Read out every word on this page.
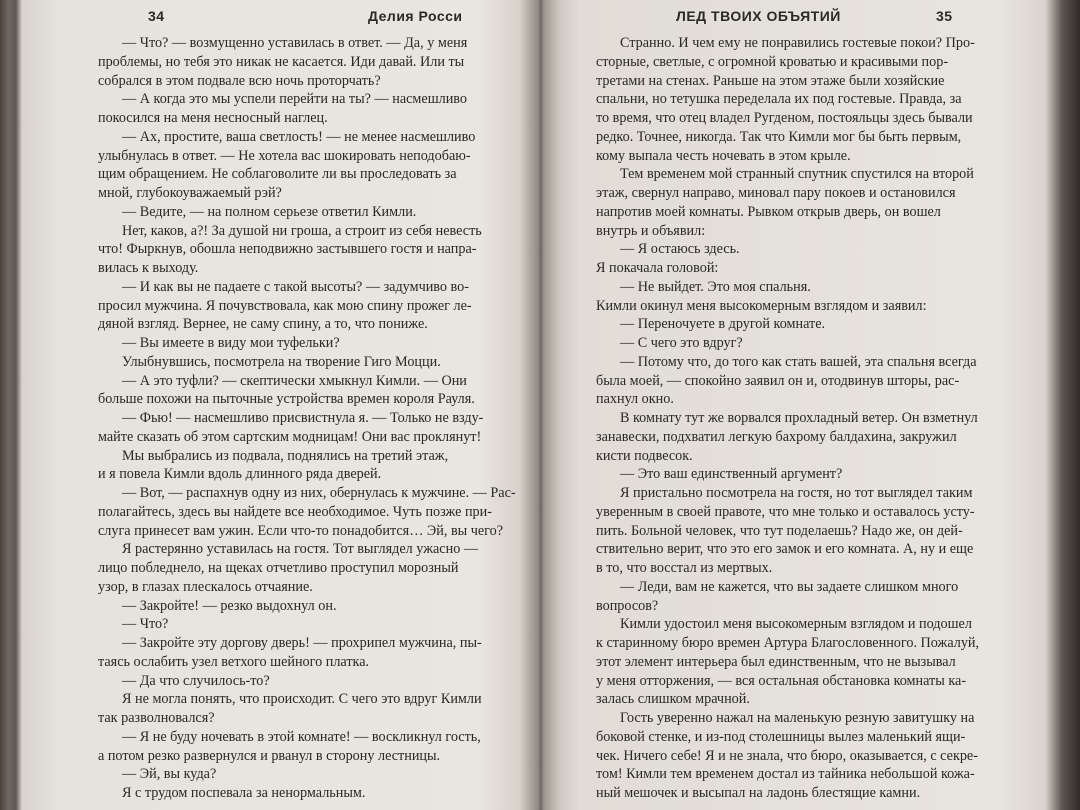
34	Делия Росси
— Что? — возмущенно уставилась в ответ. — Да, у меня
проблемы, но тебя это никак не касается. Иди давай. Или ты
собрался в этом подвале всю ночь проторчать?
— А когда это мы успели перейти на ты? — насмешливо
покосился на меня несносный наглец.
— Ах, простите, ваша светлость! — не менее насмешливо
улыбнулась в ответ. — Не хотела вас шокировать неподобаю-
щим обращением. Не соблаговолите ли вы проследовать за
мной, глубокоуважаемый рэй?
— Ведите, — на полном серьезе ответил Кимли.
Нет, каков, а?! За душой ни гроша, а строит из себя невесть
что! Фыркнув, обошла неподвижно застывшего гостя и напра-
вилась к выходу.
— И как вы не падаете с такой высоты? — задумчиво во-
просил мужчина. Я почувствовала, как мою спину прожег ле-
дяной взгляд. Вернее, не саму спину, а то, что пониже.
— Вы имеете в виду мои туфельки?
Улыбнувшись, посмотрела на творение Гиго Моцци.
— А это туфли? — скептически хмыкнул Кимли. — Они
больше похожи на пыточные устройства времен короля Рауля.
— Фью! — насмешливо присвистнула я. — Только не взду-
майте сказать об этом сартским модницам! Они вас проклянут!
Мы выбрались из подвала, поднялись на третий этаж,
и я повела Кимли вдоль длинного ряда дверей.
— Вот, — распахнув одну из них, обернулась к мужчине. — Рас-
полагайтесь, здесь вы найдете все необходимое. Чуть позже при-
слуга принесет вам ужин. Если что-то понадобится… Эй, вы чего?
Я растерянно уставилась на гостя. Тот выглядел ужасно —
лицо побледнело, на щеках отчетливо проступил морозный
узор, в глазах плескалось отчаяние.
— Закройте! — резко выдохнул он.
— Что?
— Закройте эту доргову дверь! — прохрипел мужчина, пы-
таясь ослабить узел ветхого шейного платка.
— Да что случилось-то?
Я не могла понять, что происходит. С чего это вдруг Кимли
так разволновался?
— Я не буду ночевать в этой комнате! — воскликнул гость,
а потом резко развернулся и рванул в сторону лестницы.
— Эй, вы куда?
Я с трудом поспевала за ненормальным.
ЛЕД ТВОИХ ОБЪЯТИЙ	35
Странно. И чем ему не понравились гостевые покои? Про-
сторные, светлые, с огромной кроватью и красивыми пор-
третами на стенах. Раньше на этом этаже были хозяйские
спальни, но тетушка переделала их под гостевые. Правда, за
то время, что отец владел Ругденом, постояльцы здесь бывали
редко. Точнее, никогда. Так что Кимли мог бы быть первым,
кому выпала честь ночевать в этом крыле.
Тем временем мой странный спутник спустился на второй
этаж, свернул направо, миновал пару покоев и остановился
напротив моей комнаты. Рывком открыв дверь, он вошел
внутрь и объявил:
— Я остаюсь здесь.
Я покачала головой:
— Не выйдет. Это моя спальня.
Кимли окинул меня высокомерным взглядом и заявил:
— Переночуете в другой комнате.
— С чего это вдруг?
— Потому что, до того как стать вашей, эта спальня всегда
была моей, — спокойно заявил он и, отодвинув шторы, рас-
пахнул окно.
В комнату тут же ворвался прохладный ветер. Он взметнул
занавески, подхватил легкую бахрому балдахина, закружил
кисти подвесок.
— Это ваш единственный аргумент?
Я пристально посмотрела на гостя, но тот выглядел таким
уверенным в своей правоте, что мне только и оставалось усту-
пить. Больной человек, что тут поделаешь? Надо же, он дей-
ствительно верит, что это его замок и его комната. А, ну и еще
в то, что восстал из мертвых.
— Леди, вам не кажется, что вы задаете слишком много
вопросов?
Кимли удостоил меня высокомерным взглядом и подошел
к старинному бюро времен Артура Благословенного. Пожалуй,
этот элемент интерьера был единственным, что не вызывал
у меня отторжения, — вся остальная обстановка комнаты ка-
залась слишком мрачной.
Гость уверенно нажал на маленькую резную завитушку на
боковой стенке, и из-под столешницы вылез маленький ящи-
чек. Ничего себе! Я и не знала, что бюро, оказывается, с секре-
том! Кимли тем временем достал из тайника небольшой кожа-
ный мешочек и высыпал на ладонь блестящие камни.
